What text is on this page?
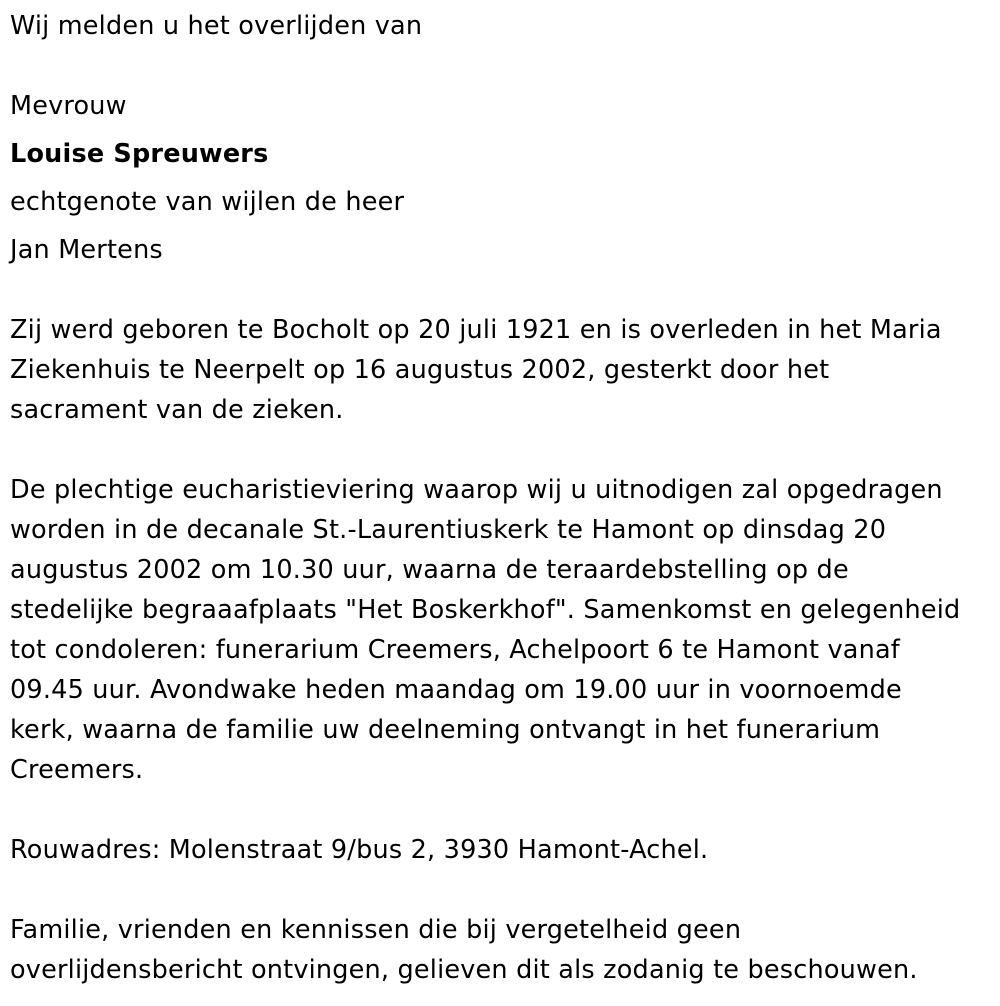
Wij melden u het overlijden van
Mevrouw
Louise Spreuwers
echtgenote van wijlen de heer
Jan Mertens
Zij werd geboren te Bocholt op 20 juli 1921 en is overleden in het Maria
Ziekenhuis te Neerpelt op 16 augustus 2002, gesterkt door het
sacrament van de zieken.
De plechtige eucharistieviering waarop wij u uitnodigen zal opgedragen
worden in de decanale St.-Laurentiuskerk te Hamont op dinsdag 20
augustus 2002 om 10.30 uur, waarna de teraardebstelling op de
stedelijke begraaafplaats "Het Boskerkhof". Samenkomst en gelegenheid
tot condoleren: funerarium Creemers, Achelpoort 6 te Hamont vanaf
09.45 uur. Avondwake heden maandag om 19.00 uur in voornoemde
kerk, waarna de familie uw deelneming ontvangt in het funerarium
Creemers.
Rouwadres: Molenstraat 9/bus 2, 3930 Hamont-Achel.
Familie, vrienden en kennissen die bij vergetelheid geen
overlijdensbericht ontvingen, gelieven dit als zodanig te beschouwen.
